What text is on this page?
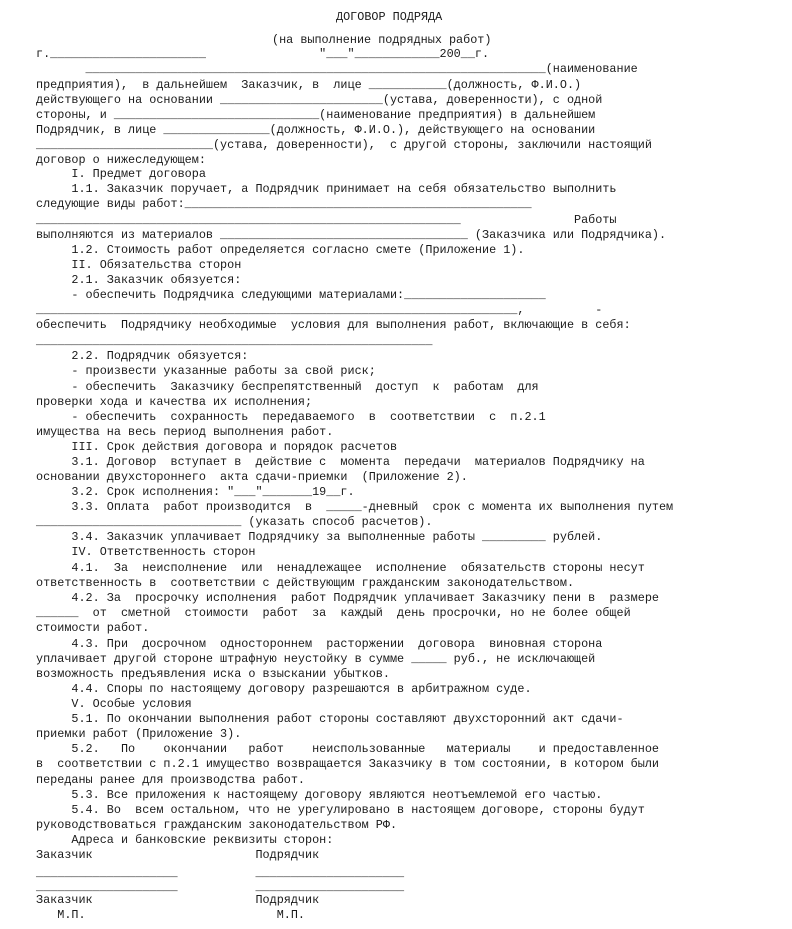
ДОГОВОР ПОДРЯДА
(на выполнение подрядных работ)
г.______________________                "___"____________200__г.
_________________________________________________________________(наименование
предприятия),  в дальнейшем  Заказчик, в  лице ___________(должность, Ф.И.О.)
действующего на основании _______________________(устава, доверенности), с одной
стороны, и _____________________________(наименование предприятия) в дальнейшем
Подрядчик, в лице _______________(должность, Ф.И.О.), действующего на основании
_________________________(устава, доверенности),  с другой стороны, заключили настоящий
договор о нижеследующем:
I. Предмет договора
1.1. Заказчик поручает, а Подрядчик принимает на себя обязательство выполнить
следующие виды работ:_________________________________________________
____________________________________________________________                Работы
выполняются из материалов ___________________________________ (Заказчика или Подрядчика).
1.2. Стоимость работ определяется согласно смете (Приложение 1).
II. Обязательства сторон
2.1. Заказчик обязуется:
- обеспечить Подрядчика следующими материалами:____________________
____________________________________________________________________,          -
обеспечить  Подрядчику необходимые  условия для выполнения работ, включающие в себя:
________________________________________________________
2.2. Подрядчик обязуется:
- произвести указанные работы за свой риск;
- обеспечить  Заказчику беспрепятственный  доступ  к  работам  для
проверки хода и качества их исполнения;
- обеспечить  сохранность  передаваемого  в  соответствии  с  п.2.1
имущества на весь период выполнения работ.
III. Срок действия договора и порядок расчетов
3.1. Договор  вступает в  действие с  момента  передачи  материалов Подрядчику на
основании двухстороннего  акта сдачи-приемки  (Приложение 2).
3.2. Срок исполнения: "___"_______19__г.
3.3. Оплата  работ производится  в  _____-дневный  срок с момента их выполнения путем
_____________________________ (указать способ расчетов).
3.4. Заказчик уплачивает Подрядчику за выполненные работы _________ рублей.
IV. Ответственность сторон
4.1.  За  неисполнение  или  ненадлежащее  исполнение  обязательств стороны несут
ответственность в  соответствии с действующим гражданским законодательством.
4.2. За  просрочку исполнения  работ Подрядчик уплачивает Заказчику пени в  размере
______  от  сметной  стоимости  работ  за  каждый  день просрочки, но не более общей
стоимости работ.
4.3. При  досрочном  одностороннем  расторжении  договора  виновная сторона
уплачивает другой стороне штрафную неустойку в сумме _____ руб., не исключающей
возможность предъявления иска о взыскании убытков.
4.4. Споры по настоящему договору разрешаются в арбитражном суде.
V. Особые условия
5.1. По окончании выполнения работ стороны составляют двухсторонний акт сдачи-
приемки работ (Приложение 3).
5.2.   По    окончании   работ    неиспользованные   материалы    и предоставленное
в  соответствии с п.2.1 имущество возвращается Заказчику в том состоянии, в котором были
переданы ранее для производства работ.
5.3. Все приложения к настоящему договору являются неотъемлемой его частью.
5.4. Во  всем остальном, что не урегулировано в настоящем договоре, стороны будут
руководствоваться гражданским законодательством РФ.
Адреса и банковские реквизиты сторон:
Заказчик                       Подрядчик
____________________           _____________________
____________________           _____________________
Заказчик                       Подрядчик
М.П.                           М.П.
